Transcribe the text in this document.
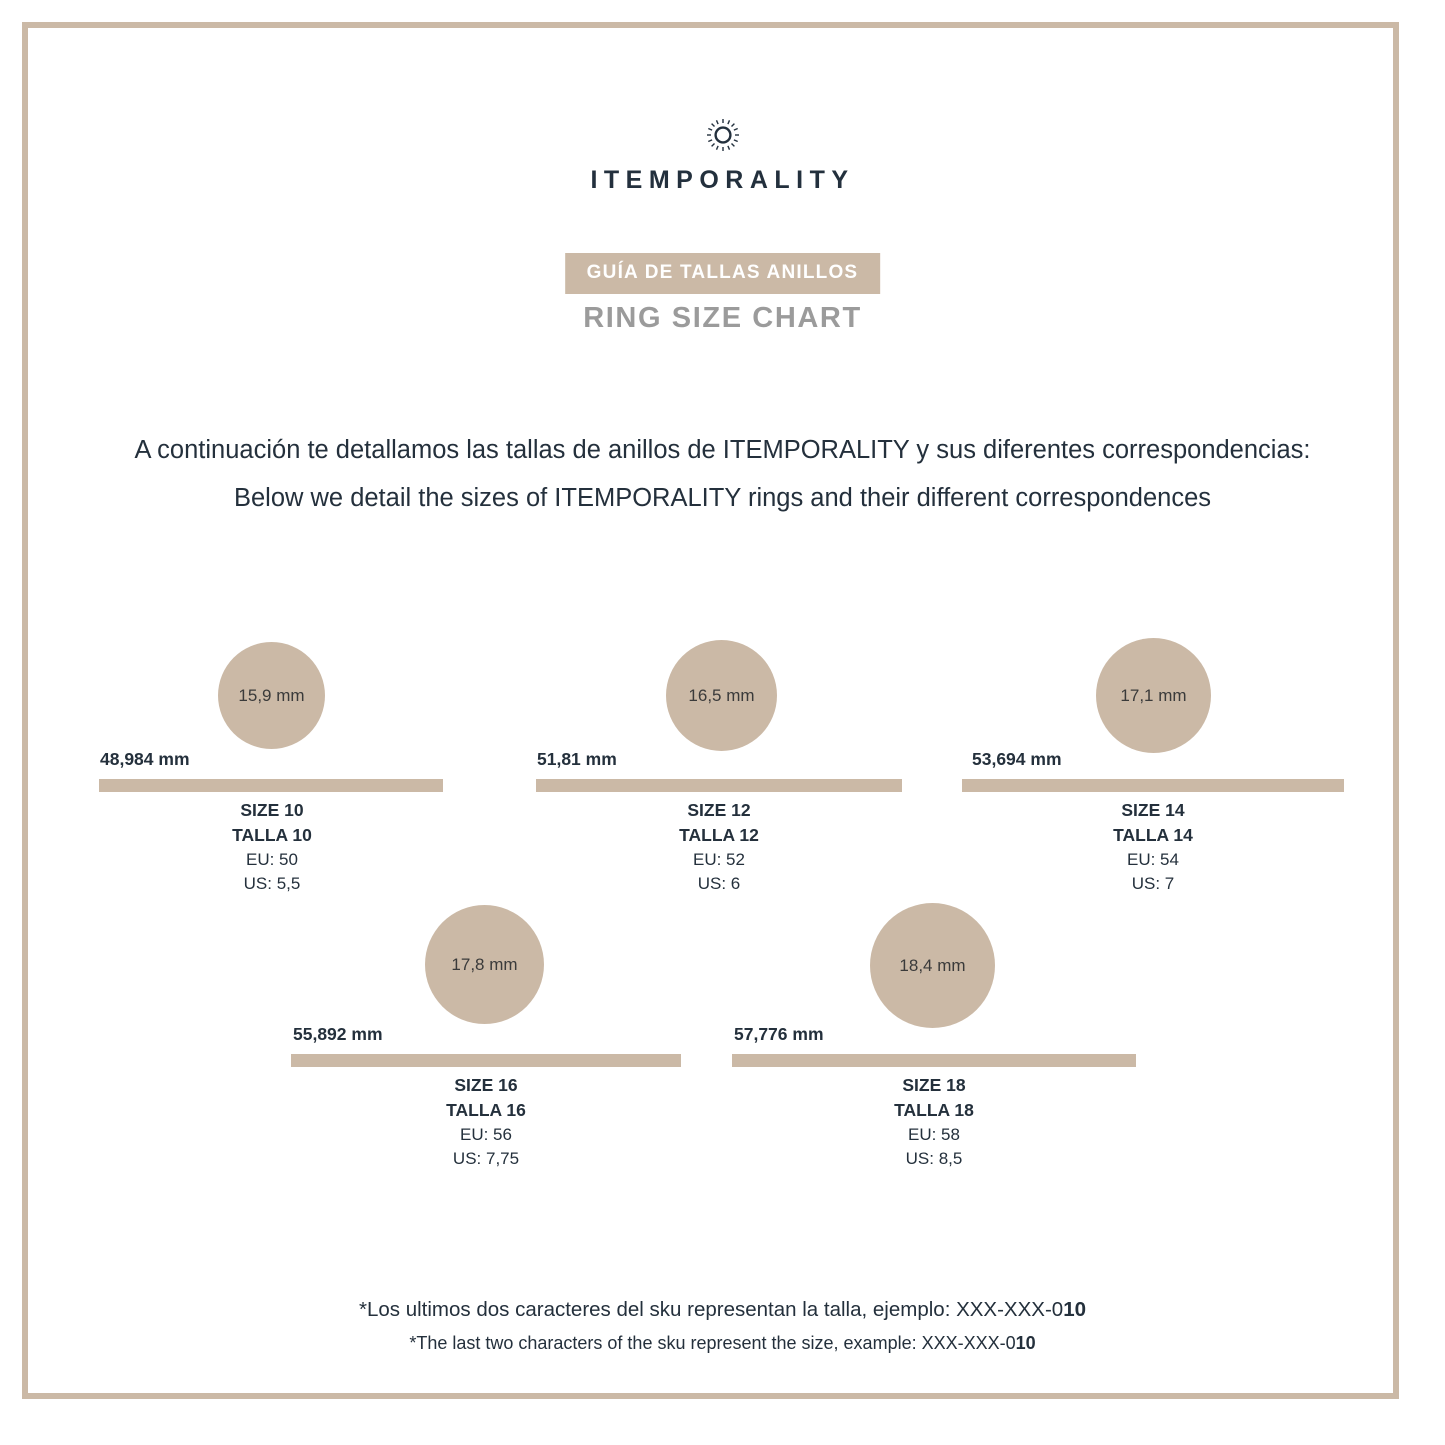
ITEMPORALITY
GUÍA DE TALLAS ANILLOS
RING SIZE CHART
A continuación te detallamos las tallas de anillos de ITEMPORALITY y sus diferentes correspondencias:
Below we detail the sizes of ITEMPORALITY rings and their different correspondences
15,9 mm
48,984 mm
SIZE 10
TALLA 10
EU: 50
US: 5,5
16,5 mm
51,81 mm
SIZE 12
TALLA 12
EU: 52
US: 6
17,1 mm
53,694 mm
SIZE 14
TALLA 14
EU: 54
US: 7
17,8 mm
55,892 mm
SIZE 16
TALLA 16
EU: 56
US: 7,75
18,4 mm
57,776 mm
SIZE 18
TALLA 18
EU: 58
US: 8,5
*Los ultimos dos caracteres del sku representan la talla, ejemplo: XXX-XXX-010
*The last two characters of the sku represent the size, example: XXX-XXX-010
